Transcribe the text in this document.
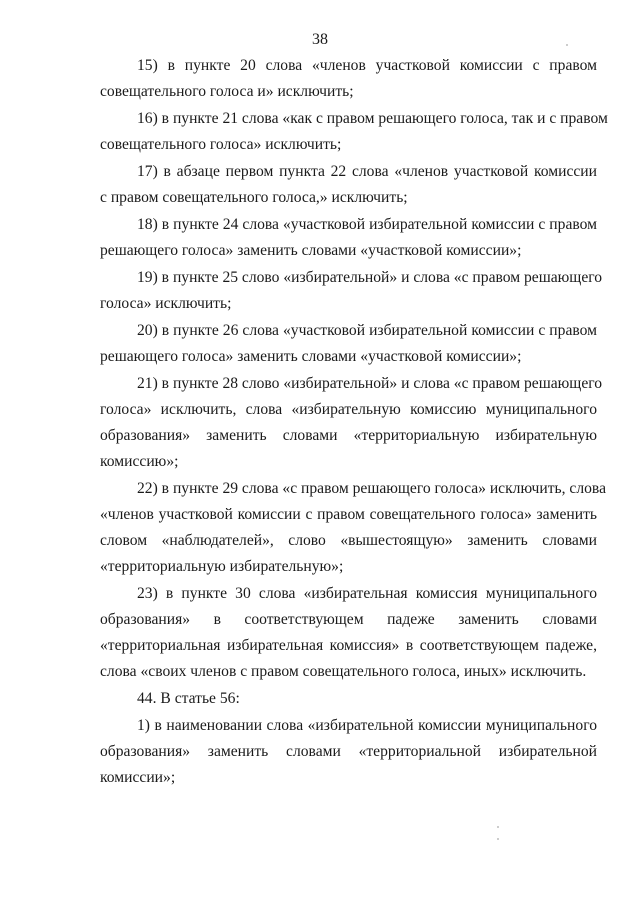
38
15) в пункте 20 слова «членов участковой комиссии с правом
совещательного голоса и» исключить;
16) в пункте 21 слова «как с правом решающего голоса, так и с правом
совещательного голоса» исключить;
17) в абзаце первом пункта 22 слова «членов участковой комиссии
с правом совещательного голоса,» исключить;
18) в пункте 24 слова «участковой избирательной комиссии с правом
решающего голоса» заменить словами «участковой комиссии»;
19) в пункте 25 слово «избирательной» и слова «с правом решающего
голоса» исключить;
20) в пункте 26 слова «участковой избирательной комиссии с правом
решающего голоса» заменить словами «участковой комиссии»;
21) в пункте 28 слово «избирательной» и слова «с правом решающего
голоса» исключить, слова «избирательную комиссию муниципального
образования» заменить словами «территориальную избирательную
комиссию»;
22) в пункте 29 слова «с правом решающего голоса» исключить, слова
«членов участковой комиссии с правом совещательного голоса» заменить
словом «наблюдателей», слово «вышестоящую» заменить словами
«территориальную избирательную»;
23) в пункте 30 слова «избирательная комиссия муниципального
образования» в соответствующем падеже заменить словами
«территориальная избирательная комиссия» в соответствующем падеже,
слова «своих членов с правом совещательного голоса, иных» исключить.
44. В статье 56:
1) в наименовании слова «избирательной комиссии муниципального
образования» заменить словами «территориальной избирательной
комиссии»;
